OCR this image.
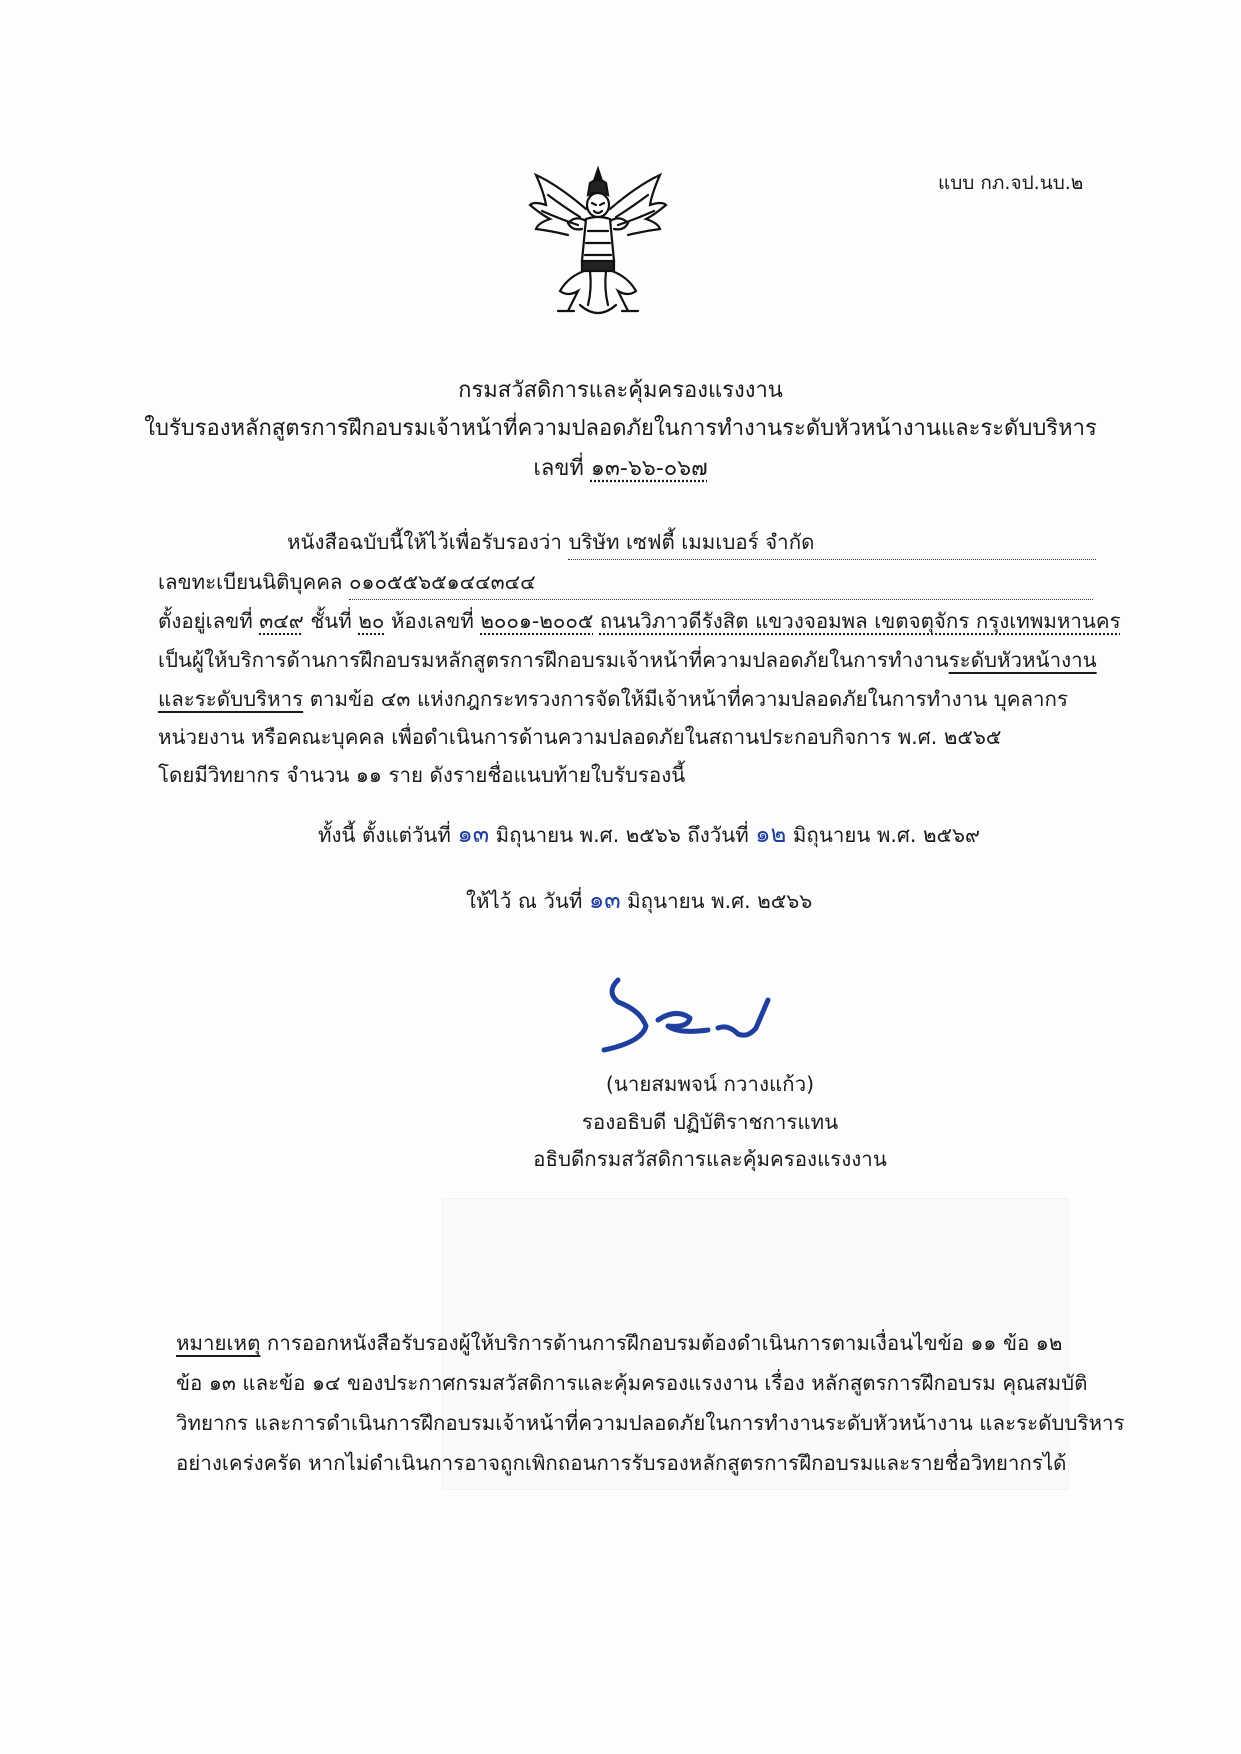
แบบ กภ.จป.นบ.๒
กรมสวัสดิการและคุ้มครองแรงงาน
ใบรับรองหลักสูตรการฝึกอบรมเจ้าหน้าที่ความปลอดภัยในการทำงานระดับหัวหน้างานและระดับบริหาร
เลขที่ ๑๓-๖๖-๐๖๗
หนังสือฉบับนี้ให้ไว้เพื่อรับรองว่า บริษัท เซฟตี้ เมมเบอร์ จำกัด
เลขทะเบียนนิติบุคคล ๐๑๐๕๕๖๕๑๔๔๓๔๔
ตั้งอยู่เลขที่ ๓๔๙ ชั้นที่ ๒๐ ห้องเลขที่ ๒๐๐๑-๒๐๐๕ ถนนวิภาวดีรังสิต แขวงจอมพล เขตจตุจักร กรุงเทพมหานคร
เป็นผู้ให้บริการด้านการฝึกอบรมหลักสูตรการฝึกอบรมเจ้าหน้าที่ความปลอดภัยในการทำงานระดับหัวหน้างาน
และระดับบริหาร ตามข้อ ๔๓ แห่งกฎกระทรวงการจัดให้มีเจ้าหน้าที่ความปลอดภัยในการทำงาน บุคลากร
หน่วยงาน หรือคณะบุคคล เพื่อดำเนินการด้านความปลอดภัยในสถานประกอบกิจการ พ.ศ. ๒๕๖๕
โดยมีวิทยากร จำนวน ๑๑ ราย ดังรายชื่อแนบท้ายใบรับรองนี้
ทั้งนี้ ตั้งแต่วันที่ ๑๓ มิถุนายน พ.ศ. ๒๕๖๖ ถึงวันที่ ๑๒ มิถุนายน พ.ศ. ๒๕๖๙
ให้ไว้ ณ วันที่ ๑๓ มิถุนายน พ.ศ. ๒๕๖๖
(นายสมพจน์ กวางแก้ว)
รองอธิบดี ปฏิบัติราชการแทน
อธิบดีกรมสวัสดิการและคุ้มครองแรงงาน
หมายเหตุ การออกหนังสือรับรองผู้ให้บริการด้านการฝึกอบรมต้องดำเนินการตามเงื่อนไขข้อ ๑๑ ข้อ ๑๒
ข้อ ๑๓ และข้อ ๑๔ ของประกาศกรมสวัสดิการและคุ้มครองแรงงาน เรื่อง หลักสูตรการฝึกอบรม คุณสมบัติ
วิทยากร และการดำเนินการฝึกอบรมเจ้าหน้าที่ความปลอดภัยในการทำงานระดับหัวหน้างาน และระดับบริหาร
อย่างเคร่งครัด หากไม่ดำเนินการอาจถูกเพิกถอนการรับรองหลักสูตรการฝึกอบรมและรายชื่อวิทยากรได้
